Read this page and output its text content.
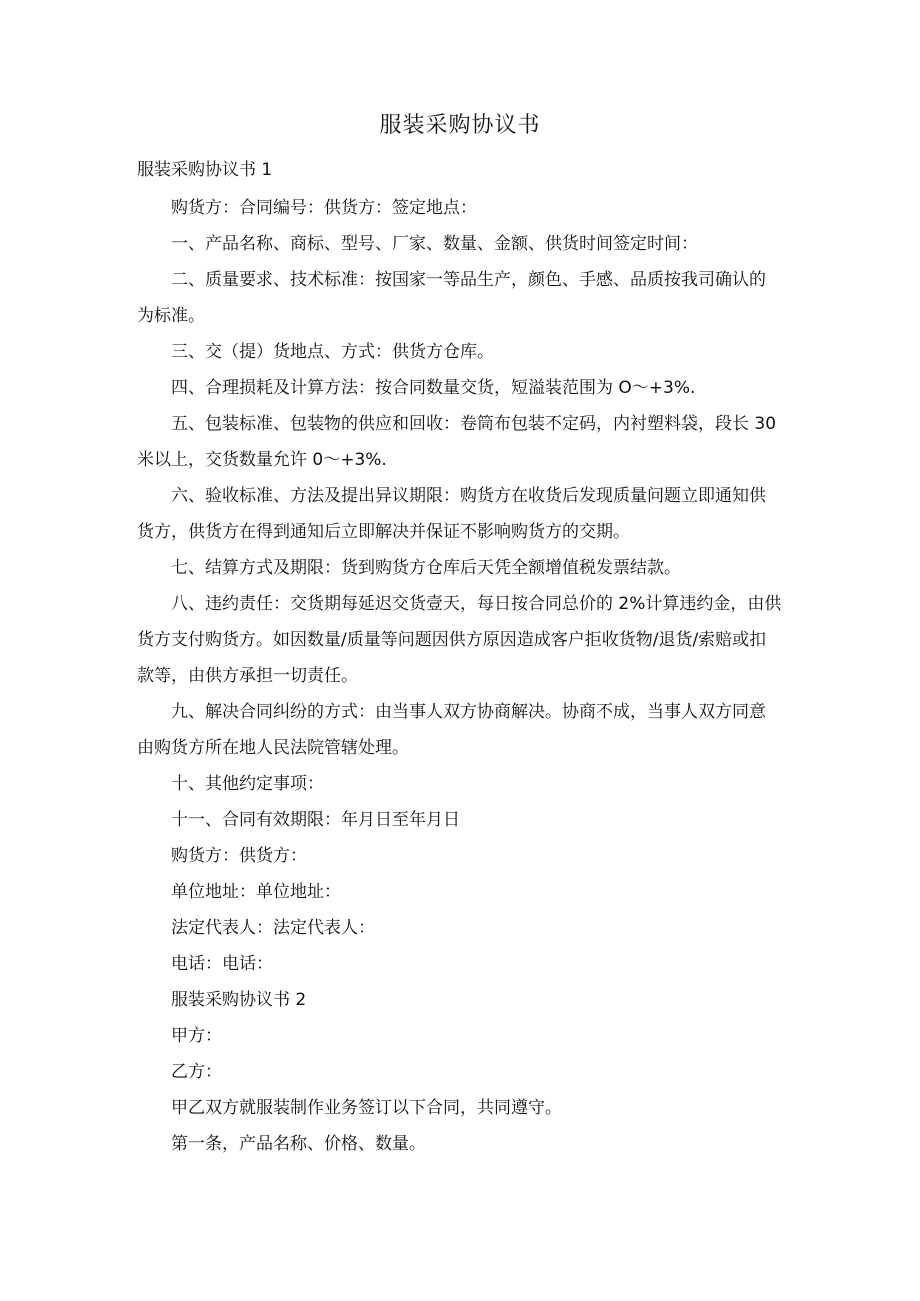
服装采购协议书
服装采购协议书 1

购货方：合同编号：供货方：签定地点：

一、产品名称、商标、型号、厂家、数量、金额、供货时间签定时间：

二、质量要求、技术标准：按国家一等品生产，颜色、手感、品质按我司确认的为标准。

三、交（提）货地点、方式：供货方仓库。

四、合理损耗及计算方法：按合同数量交货，短溢装范围为 O～+3%.

五、包装标准、包装物的供应和回收：卷筒布包装不定码，内衬塑料袋，段长 30 米以上，交货数量允许 0～+3%.

六、验收标准、方法及提出异议期限：购货方在收货后发现质量问题立即通知供货方，供货方在得到通知后立即解决并保证不影响购货方的交期。

七、结算方式及期限：货到购货方仓库后天凭全额增值税发票结款。

八、违约责任：交货期每延迟交货壹天，每日按合同总价的 2%计算违约金，由供货方支付购货方。如因数量/质量等问题因供方原因造成客户拒收货物/退货/索赔或扣款等，由供方承担一切责任。

九、解决合同纠纷的方式：由当事人双方协商解决。协商不成，当事人双方同意由购货方所在地人民法院管辖处理。

十、其他约定事项：

十一、合同有效期限：年月日至年月日

购货方：供货方：

单位地址：单位地址：

法定代表人：法定代表人：

电话：电话：

服装采购协议书 2

甲方：

乙方：

甲乙双方就服装制作业务签订以下合同，共同遵守。

第一条，产品名称、价格、数量。
